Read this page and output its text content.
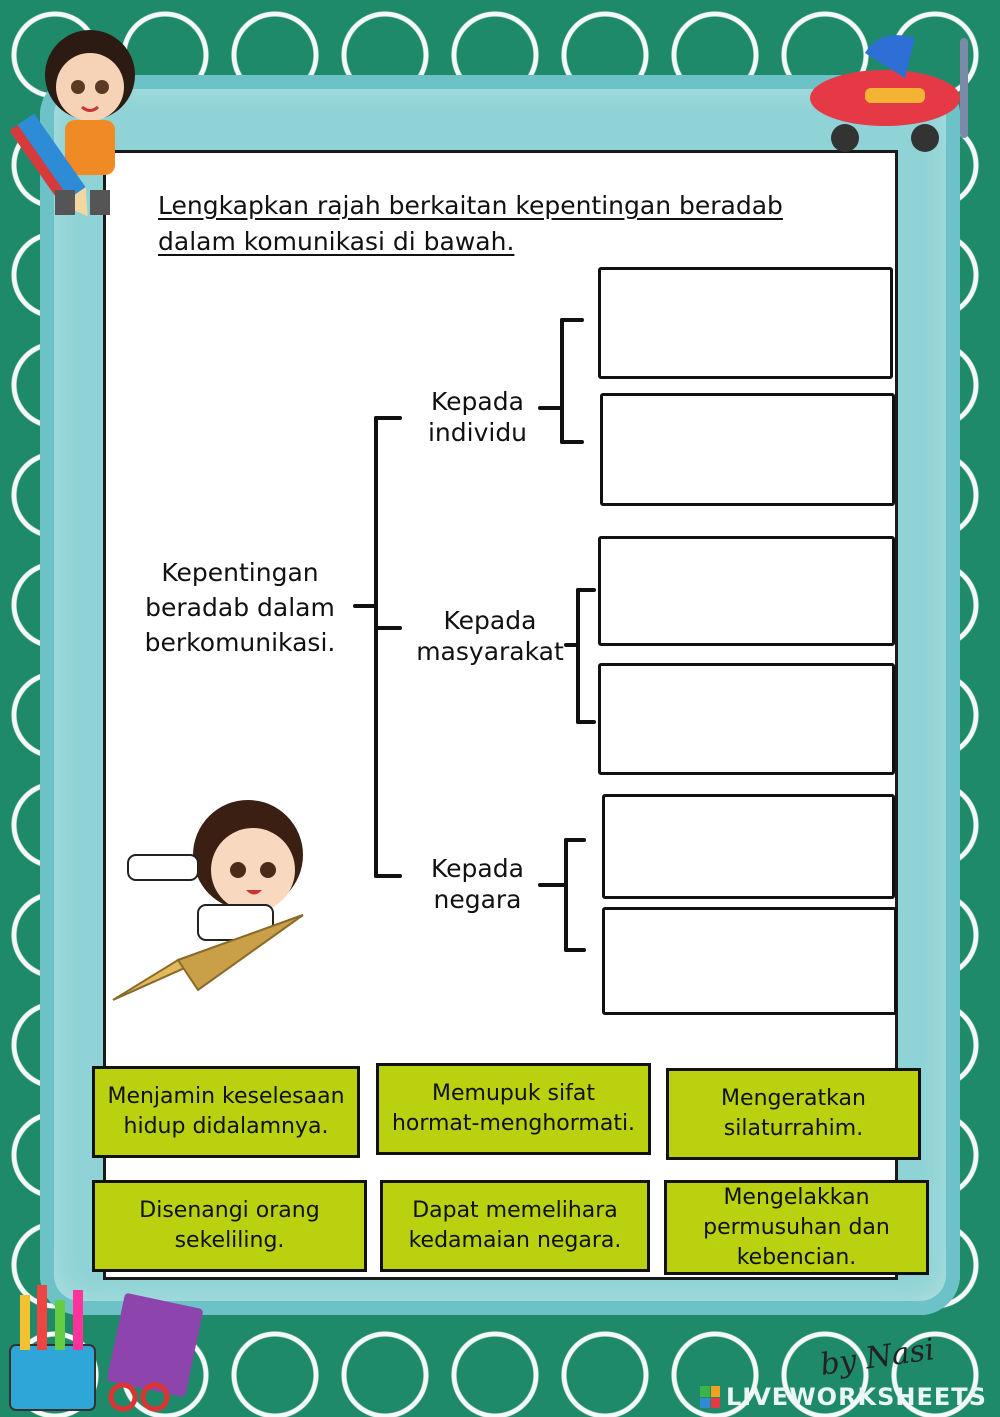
Lengkapkan rajah berkaitan kepentingan beradab dalam komunikasi di bawah.
Kepentingan beradab dalam berkomunikasi.
Kepada individu
Kepada masyarakat
Kepada negara
Menjamin keselesaan hidup didalamnya.
Memupuk sifat hormat-menghormati.
Mengeratkan silaturrahim.
Disenangi orang sekeliling.
Dapat memelihara kedamaian negara.
Mengelakkan permusuhan dan kebencian.
by Nasi
LIVEWORKSHEETS
